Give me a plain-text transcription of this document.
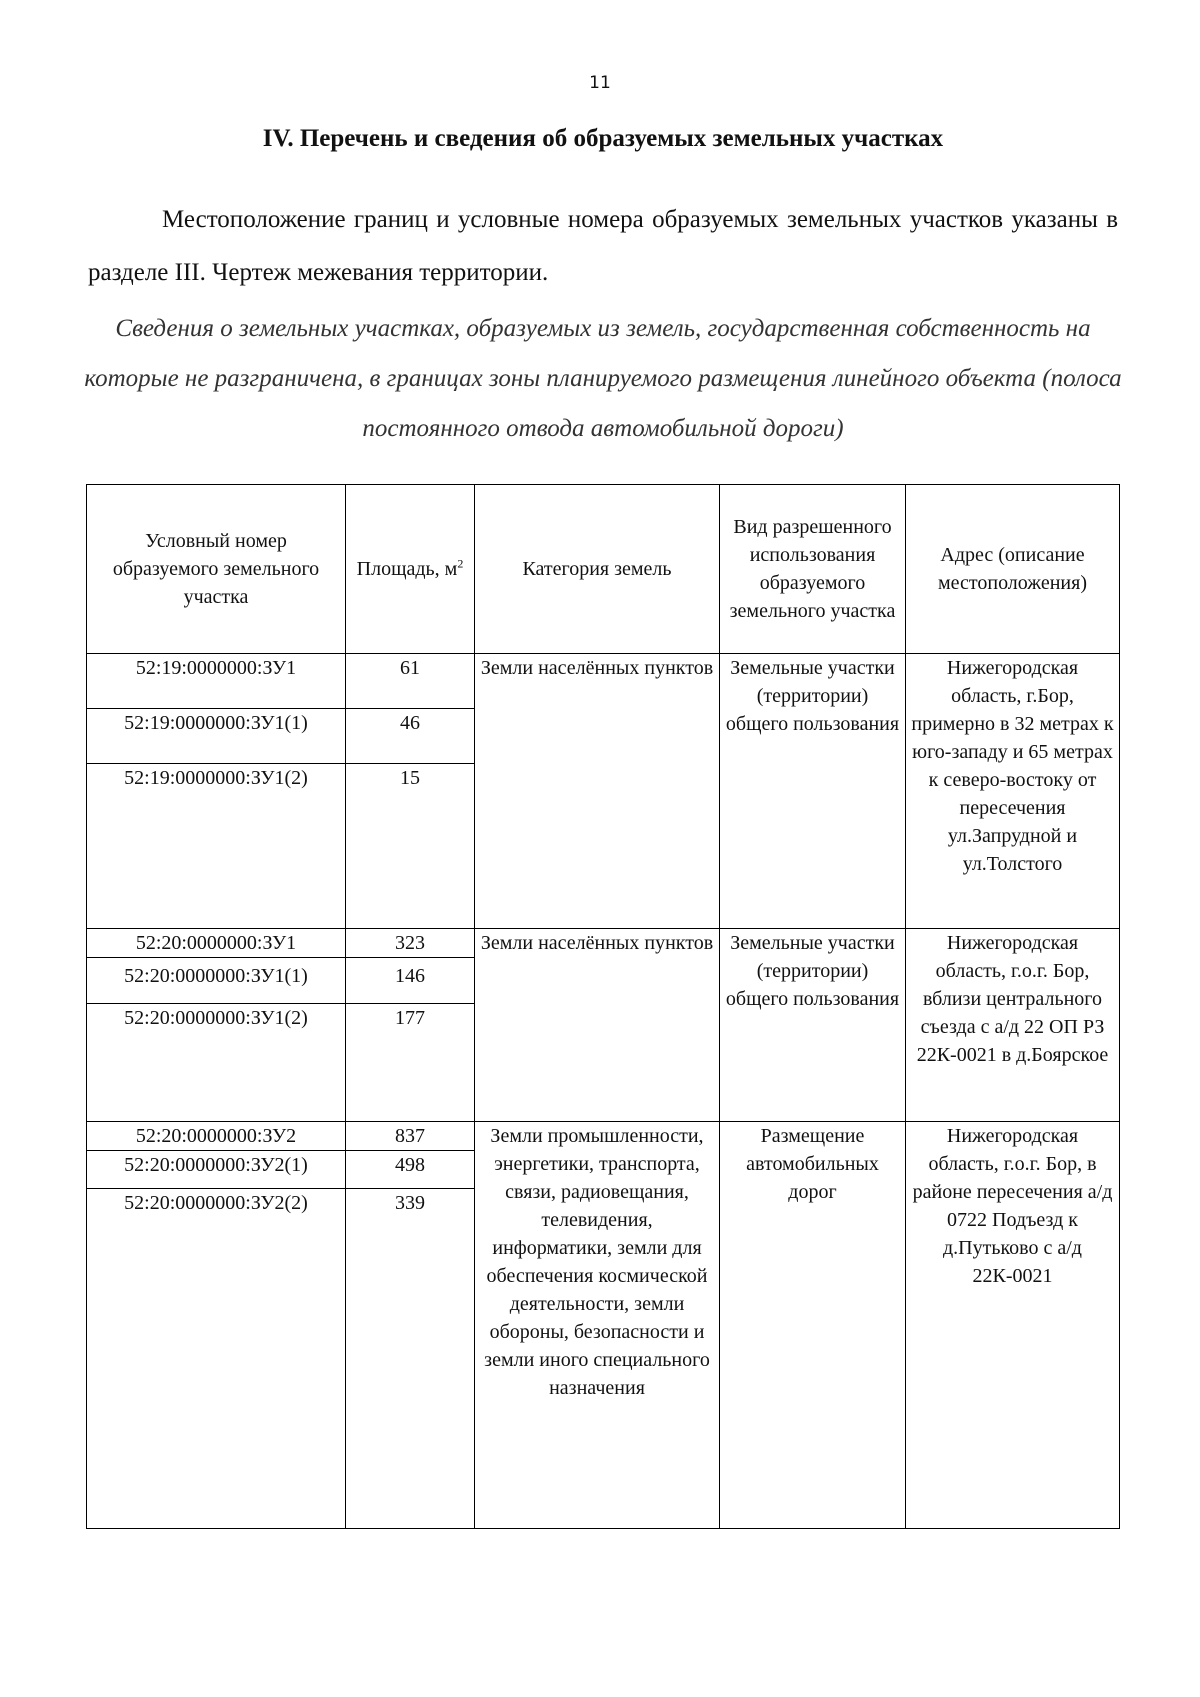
11
IV. Перечень и сведения об образуемых земельных участках

Местоположение границ и условные номера образуемых земельных участков указаны в разделе III. Чертеж межевания территории.

Сведения о земельных участках, образуемых из земель, государственная собственность на которые не разграничена, в границах зоны планируемого размещения линейного объекта (полоса постоянного отвода автомобильной дороги)

Условный номер образуемого земельного участка	Площадь, $м^2$	Категория земель	Вид разрешенного использования образуемого земельного участка	Адрес (описание местоположения)
52:19:0000000:ЗУ1	61	Земли населённых пунктов	Земельные участки (территории) общего пользования	Нижегородская область, г.Бор, примерно в 32 метрах к юго-западу и 65 метрах к северо-востоку от пересечения ул.Запрудной и ул.Толстого
52:19:0000000:ЗУ1(1)	46			
52:19:0000000:ЗУ1(2)	15			
52:20:0000000:ЗУ1	323	Земли населённых пунктов	Земельные участки (территории) общего пользования	Нижегородская область, г.о.г. Бор, вблизи центрального съезда с а/д 22 ОП РЗ 22К-0021 в д.Боярское
52:20:0000000:ЗУ1(1)	146			
52:20:0000000:ЗУ1(2)	177			
52:20:0000000:ЗУ2	837	Земли промышленности, энергетики, транспорта, связи, радиовещания, телевидения, информатики, земли для обеспечения космической деятельности, земли обороны, безопасности и земли иного специального назначения	Размещение автомобильных дорог	Нижегородская область, г.о.г. Бор, в районе пересечения а/д 0722 Подъезд к д.Путьково с а/д 22К-0021
52:20:0000000:ЗУ2(1)	498			
52:20:0000000:ЗУ2(2)	339			
